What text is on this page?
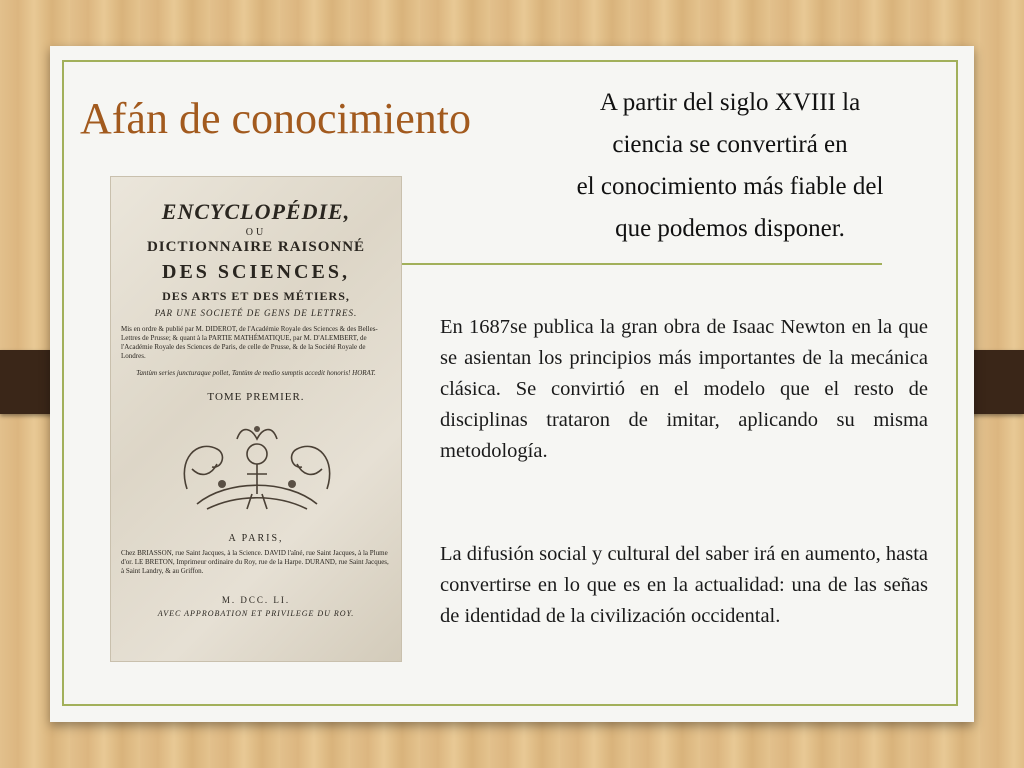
Afán de conocimiento	A partir del siglo XVIII la
ciencia se convertirá en
el conocimiento más fiable del
que podemos disponer.

ENCYCLOPÉDIE,

OU

DICTIONNAIRE RAISONNÉ

DES SCIENCES,

DES ARTS ET DES MÉTIERS,

PAR UNE SOCIETÉ DE GENS DE LETTRES.

Mis en ordre & publié par M. DIDEROT, de l'Académie Royale des Sciences & des Belles-Lettres de Prusse; & quant à la PARTIE MATHÉMATIQUE, par M. D'ALEMBERT, de l'Académie Royale des Sciences de Paris, de celle de Prusse, & de la Société Royale de Londres.

Tantùm series juncturaque pollet, Tantùm de medio sumptis accedit honoris! HORAT.

TOME PREMIER.

A PARIS,

Chez BRIASSON, rue Saint Jacques, à la Science. DAVID l'aîné, rue Saint Jacques, à la Plume d'or. LE BRETON, Imprimeur ordinaire du Roy, rue de la Harpe. DURAND, rue Saint Jacques, à Saint Landry, & au Griffon.

M. DCC. LI.

AVEC APPROBATION ET PRIVILEGE DU ROY.

En 1687se publica la gran obra de Isaac Newton en la que se asientan los principios más importantes de la mecánica clásica. Se convirtió en el modelo que el resto de disciplinas trataron de imitar, aplicando su misma metodología.

La difusión social y cultural del saber irá en aumento, hasta convertirse en lo que es en la actualidad: una de las señas de identidad de la civilización occidental.
